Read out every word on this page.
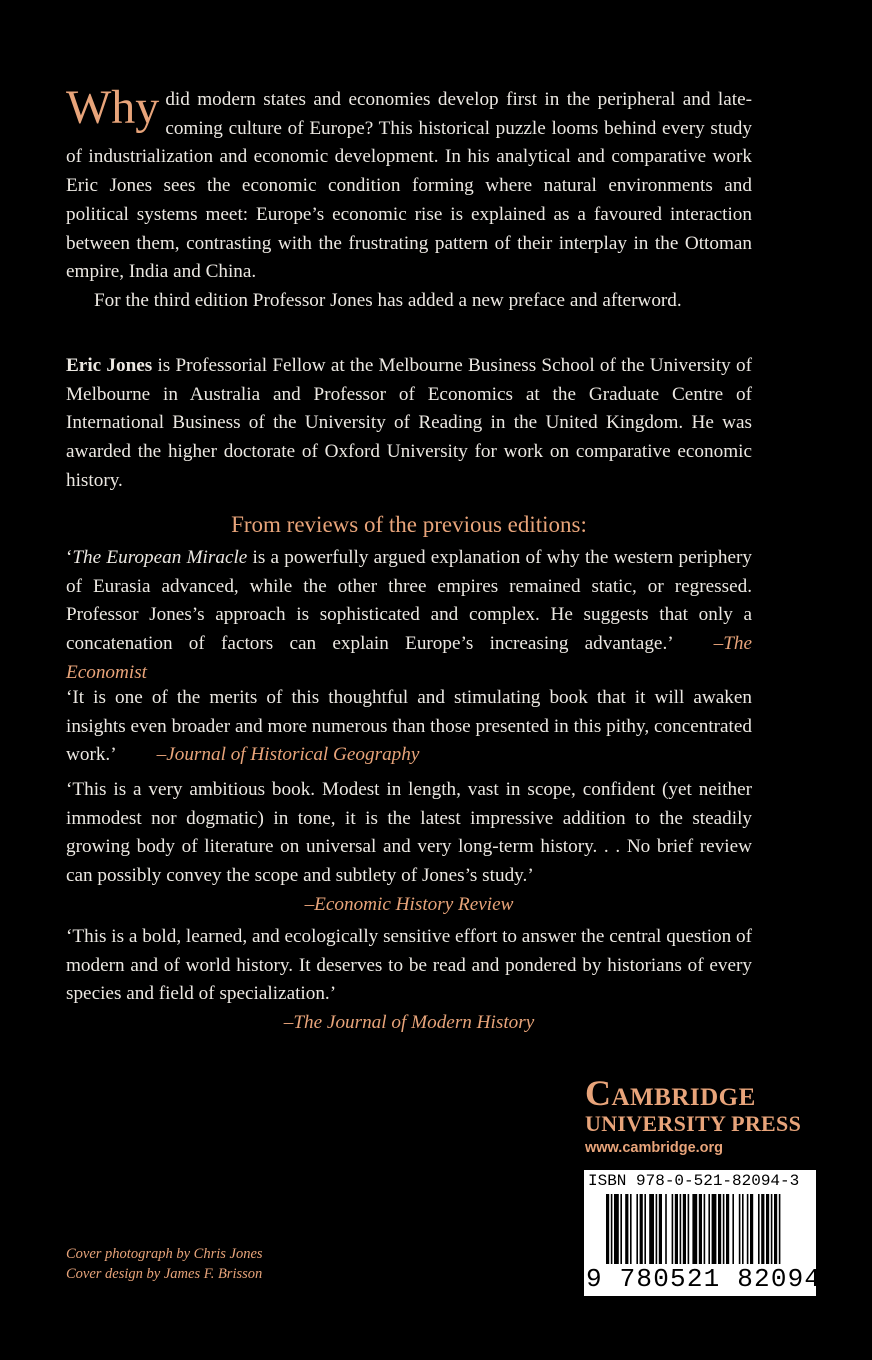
Why did modern states and economies develop first in the peripheral and late-coming culture of Europe? This historical puzzle looms behind every study of industrialization and economic development. In his analytical and comparative work Eric Jones sees the economic condition forming where natural environments and political systems meet: Europe’s economic rise is explained as a favoured interaction between them, contrasting with the frustrating pattern of their interplay in the Ottoman empire, India and China.

For the third edition Professor Jones has added a new preface and afterword.

Eric Jones is Professorial Fellow at the Melbourne Business School of the University of Melbourne in Australia and Professor of Economics at the Graduate Centre of International Business of the University of Reading in the United Kingdom. He was awarded the higher doctorate of Oxford University for work on comparative economic history.
From reviews of the previous editions:

‘The European Miracle is a powerfully argued explanation of why the western periphery of Eurasia advanced, while the other three empires remained static, or regressed. Professor Jones’s approach is sophisticated and complex. He suggests that only a concatenation of factors can explain Europe’s increasing advantage.’ –The Economist

‘It is one of the merits of this thoughtful and stimulating book that it will awaken insights even broader and more numerous than those presented in this pithy, concentrated work.’ –Journal of Historical Geography

‘This is a very ambitious book. Modest in length, vast in scope, confident (yet neither immodest nor dogmatic) in tone, it is the latest impressive addition to the steadily growing body of literature on universal and very long-term history. . . No brief review can possibly convey the scope and subtlety of Jones’s study.’

–Economic History Review

‘This is a bold, learned, and ecologically sensitive effort to answer the central question of modern and of world history. It deserves to be read and pondered by historians of every species and field of specialization.’

–The Journal of Modern History

Cambridge
UNIVERSITY PRESS
www.cambridge.org
ISBN 978-0-521-82094-3
9 780521 820943 >
Cover photograph by Chris Jones
Cover design by James F. Brisson
